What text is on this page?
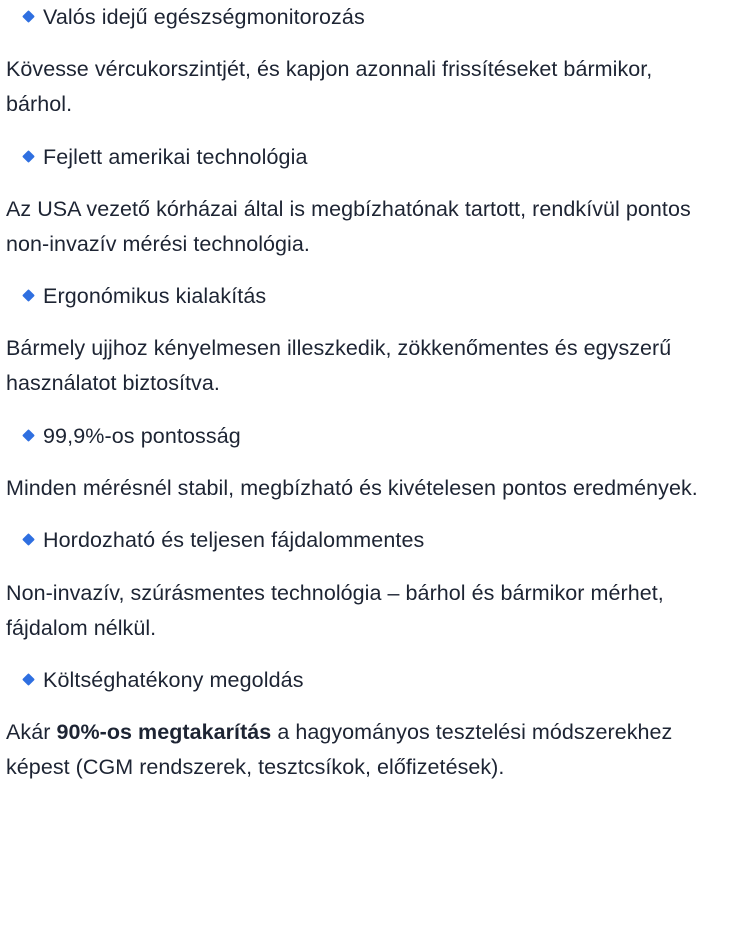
Valós idejű egészségmonitorozás

Kövesse vércukorszintjét, és kapjon azonnali frissítéseket bármikor, bárhol.

Fejlett amerikai technológia

Az USA vezető kórházai által is megbízhatónak tartott, rendkívül pontos non-invazív mérési technológia.

Ergonómikus kialakítás

Bármely ujjhoz kényelmesen illeszkedik, zökkenőmentes és egyszerű használatot biztosítva.

99,9%-os pontosság

Minden mérésnél stabil, megbízható és kivételesen pontos eredmények.

Hordozható és teljesen fájdalommentes

Non-invazív, szúrásmentes technológia – bárhol és bármikor mérhet, fájdalom nélkül.

Költséghatékony megoldás

Akár 90%-os megtakarítás a hagyományos tesztelési módszerekhez képest (CGM rendszerek, tesztcsíkok, előfizetések).
